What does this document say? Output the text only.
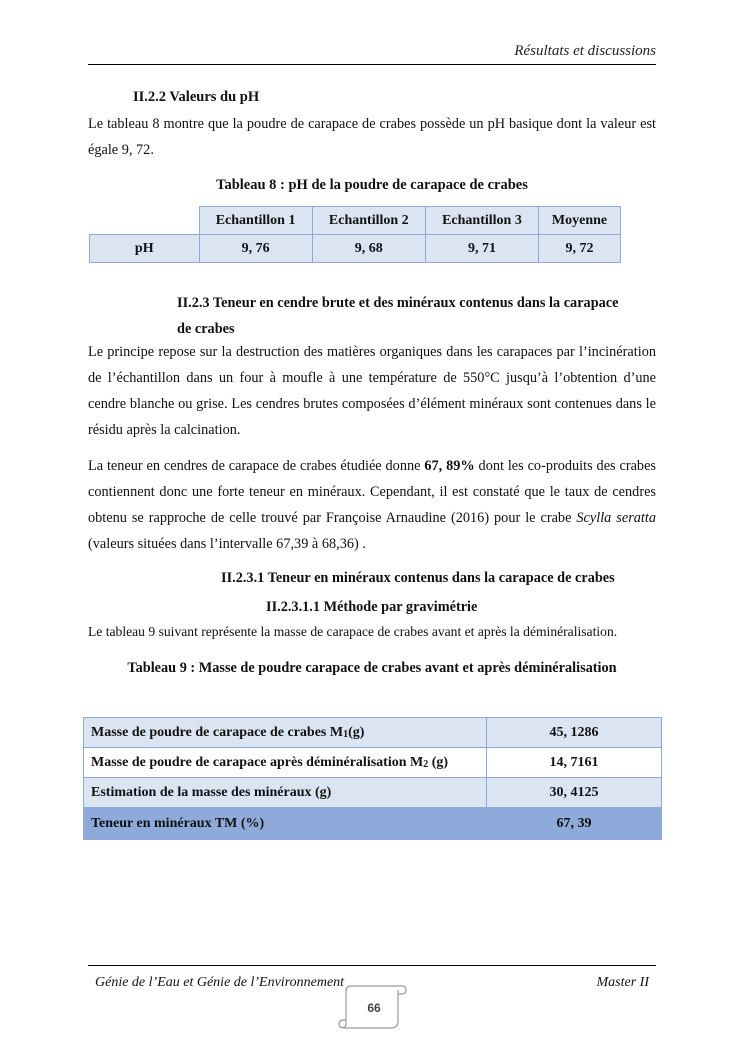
Résultats et discussions
II.2.2 Valeurs du pH
Le tableau 8 montre que la poudre de carapace de crabes possède un pH basique dont la valeur est égale 9, 72.
Tableau 8 : pH de la poudre de carapace de crabes
	Echantillon 1	Echantillon 2	Echantillon 3	Moyenne
pH	9, 76	9, 68	9, 71	9, 72
II.2.3 Teneur en cendre brute et des minéraux contenus dans la carapace
de crabes
Le principe repose sur la destruction des matières organiques dans les carapaces par l’incinération de l’échantillon dans un four à moufle à une température de 550°C jusqu’à l’obtention d’une cendre blanche ou grise. Les cendres brutes composées d’élément minéraux sont contenues dans le résidu après la calcination.
La teneur en cendres de carapace de crabes étudiée donne 67, 89% dont les co-produits des crabes contiennent donc une forte teneur en minéraux. Cependant, il est constaté que le taux de cendres obtenu se rapproche de celle trouvé par Françoise Arnaudine (2016) pour le crabe Scylla seratta (valeurs situées dans l’intervalle 67,39 à 68,36) .
II.2.3.1 Teneur en minéraux contenus dans la carapace de crabes
II.2.3.1.1 Méthode par gravimétrie
Le tableau 9 suivant représente la masse de carapace de crabes avant et après la déminéralisation.
Tableau 9 : Masse de poudre carapace de crabes avant et après déminéralisation
Masse de poudre de carapace de crabes $M_1(g)$	45, 1286
Masse de poudre de carapace après déminéralisation $M_2$ (g)	14, 7161
Estimation de la masse des minéraux (g)	30, 4125
Teneur en minéraux TM (%)	67, 39
Génie de l’Eau et Génie de l’Environnement	Master II
66
